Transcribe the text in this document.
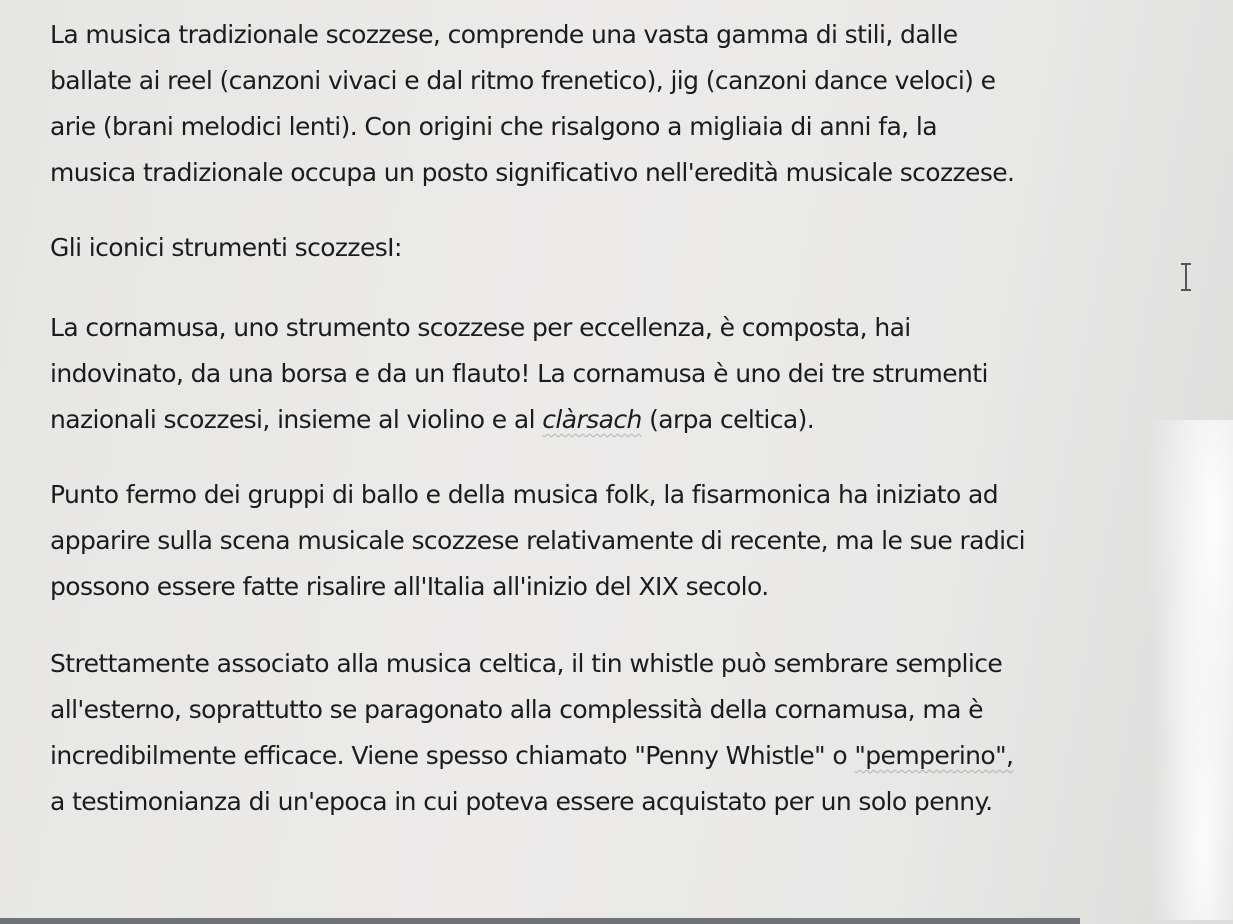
La musica tradizionale scozzese, comprende una vasta gamma di stili, dalle
ballate ai reel (canzoni vivaci e dal ritmo frenetico), jig (canzoni dance veloci) e
arie (brani melodici lenti). Con origini che risalgono a migliaia di anni fa, la
musica tradizionale occupa un posto significativo nell'eredità musicale scozzese.

Gli iconici strumenti scozzesI:

La cornamusa, uno strumento scozzese per eccellenza, è composta, hai
indovinato, da una borsa e da un flauto! La cornamusa è uno dei tre strumenti
nazionali scozzesi, insieme al violino e al clàrsach (arpa celtica).

Punto fermo dei gruppi di ballo e della musica folk, la fisarmonica ha iniziato ad
apparire sulla scena musicale scozzese relativamente di recente, ma le sue radici
possono essere fatte risalire all'Italia all'inizio del XIX secolo.

Strettamente associato alla musica celtica, il tin whistle può sembrare semplice
all'esterno, soprattutto se paragonato alla complessità della cornamusa, ma è
incredibilmente efficace. Viene spesso chiamato "Penny Whistle" o "pemperino",
a testimonianza di un'epoca in cui poteva essere acquistato per un solo penny.
